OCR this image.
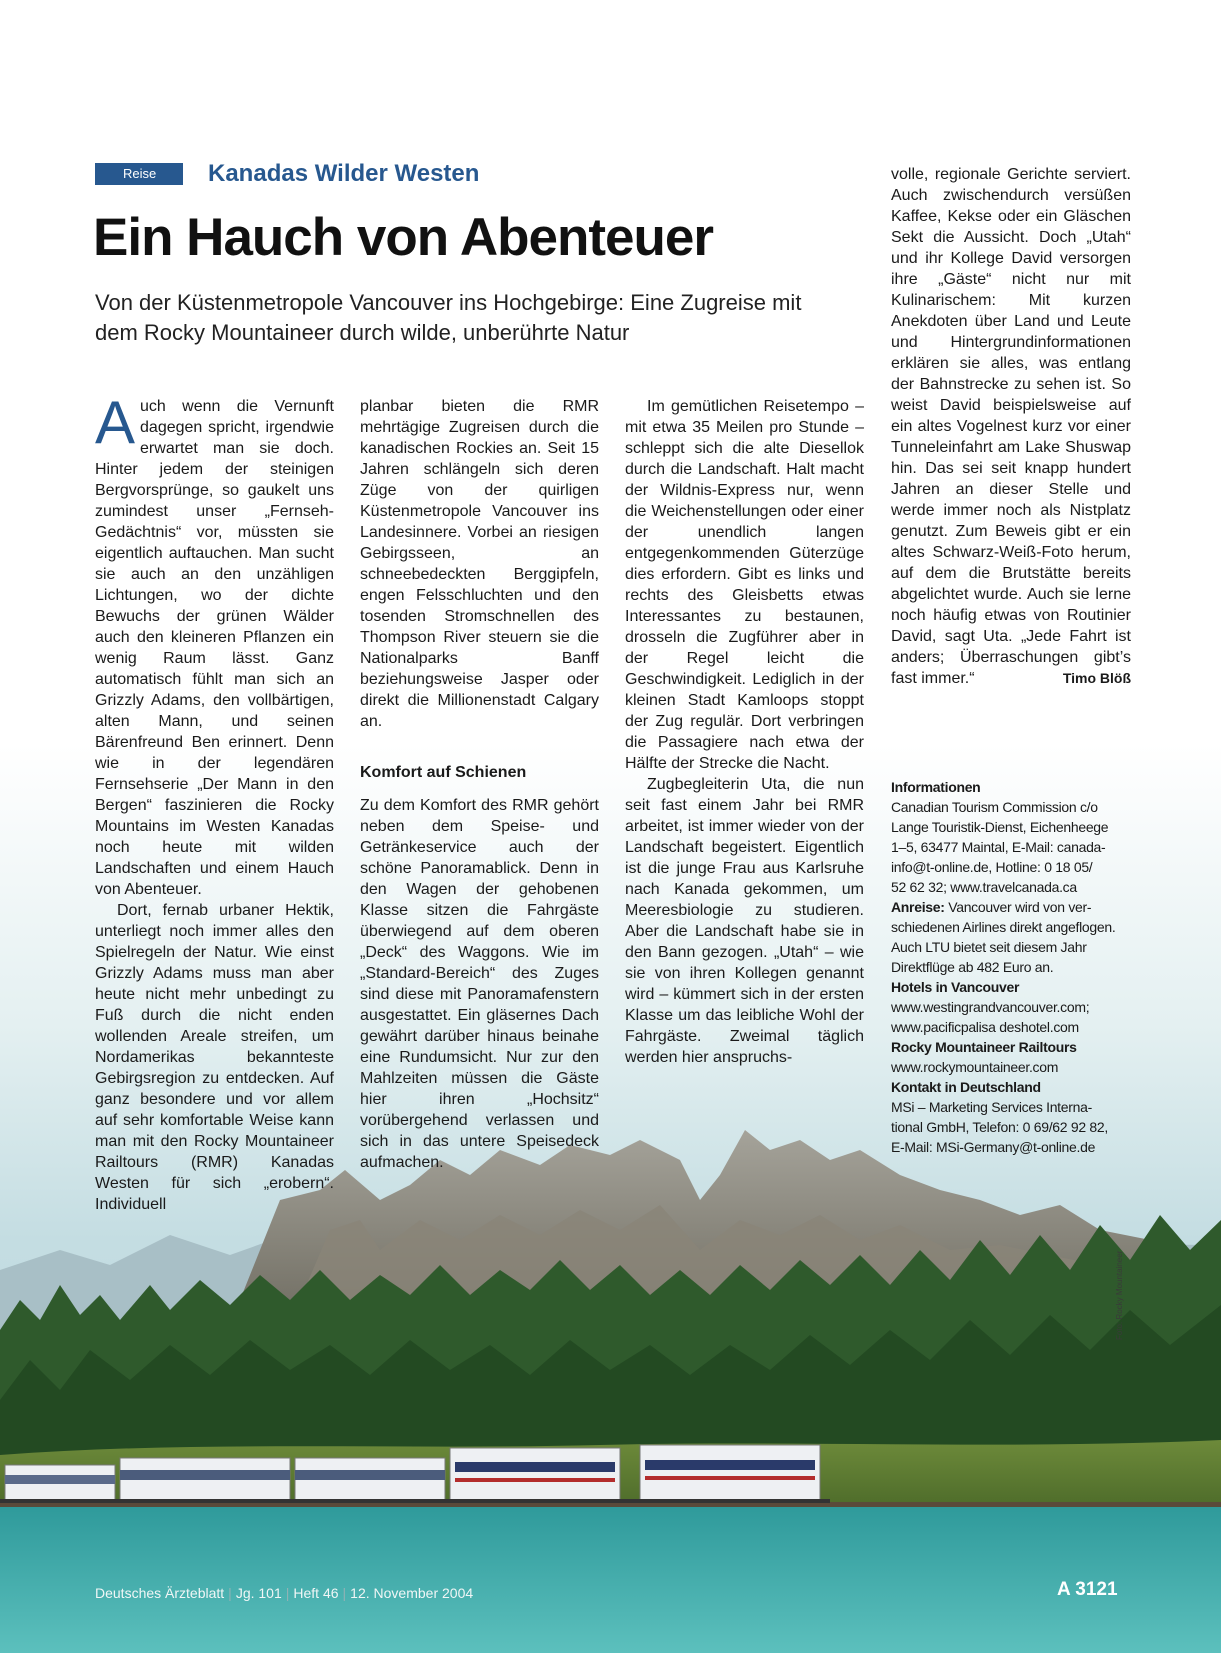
Reise	Kanadas Wilder Westen
Ein Hauch von Abenteuer

Von der Küstenmetropole Vancouver ins Hochgebirge: Eine Zugreise mit dem Rocky Mountaineer durch wilde, unberührte Natur

Auch wenn die Vernunft dagegen spricht, irgendwie erwartet man sie doch. Hinter jedem der steinigen Bergvorsprünge, so gaukelt uns zumindest unser „Fernseh-Gedächtnis“ vor, müssten sie eigentlich auftauchen. Man sucht sie auch an den unzähligen Lichtungen, wo der dichte Bewuchs der grünen Wälder auch den kleineren Pflanzen ein wenig Raum lässt. Ganz automatisch fühlt man sich an Grizzly Adams, den vollbärtigen, alten Mann, und seinen Bärenfreund Ben erinnert. Denn wie in der legendären Fernsehserie „Der Mann in den Bergen“ faszinieren die Rocky Mountains im Westen Kanadas noch heute mit wilden Landschaften und einem Hauch von Abenteuer.

Dort, fernab urbaner Hektik, unterliegt noch immer alles den Spielregeln der Natur. Wie einst Grizzly Adams muss man aber heute nicht mehr unbedingt zu Fuß durch die nicht enden wollenden Areale streifen, um Nordamerikas bekannteste Gebirgsregion zu entdecken. Auf ganz besondere und vor allem auf sehr komfortable Weise kann man mit den Rocky Mountaineer Railtours (RMR) Kanadas Westen für sich „erobern“. Individuell

planbar bieten die RMR mehrtägige Zugreisen durch die kanadischen Rockies an. Seit 15 Jahren schlängeln sich deren Züge von der quirligen Küstenmetropole Vancouver ins Landesinnere. Vorbei an riesigen Gebirgsseen, an schneebedeckten Berggipfeln, engen Felsschluchten und den tosenden Stromschnellen des Thompson River steuern sie die Nationalparks Banff beziehungsweise Jasper oder direkt die Millionenstadt Calgary an.

Komfort auf Schienen

Zu dem Komfort des RMR gehört neben dem Speise- und Getränkeservice auch der schöne Panoramablick. Denn in den Wagen der gehobenen Klasse sitzen die Fahrgäste überwiegend auf dem oberen „Deck“ des Waggons. Wie im „Standard-Bereich“ des Zuges sind diese mit Panoramafenstern ausgestattet. Ein gläsernes Dach gewährt darüber hinaus beinahe eine Rundumsicht. Nur zur den Mahlzeiten müssen die Gäste hier ihren „Hochsitz“ vorübergehend verlassen und sich in das untere Speisedeck aufmachen.

Im gemütlichen Reisetempo – mit etwa 35 Meilen pro Stunde – schleppt sich die alte Diesellok durch die Landschaft. Halt macht der Wildnis-Express nur, wenn die Weichenstellungen oder einer der unendlich langen entgegenkommenden Güterzüge dies erfordern. Gibt es links und rechts des Gleisbetts etwas Interessantes zu bestaunen, drosseln die Zugführer aber in der Regel leicht die Geschwindigkeit. Lediglich in der kleinen Stadt Kamloops stoppt der Zug regulär. Dort verbringen die Passagiere nach etwa der Hälfte der Strecke die Nacht.

Zugbegleiterin Uta, die nun seit fast einem Jahr bei RMR arbeitet, ist immer wieder von der Landschaft begeistert. Eigentlich ist die junge Frau aus Karlsruhe nach Kanada gekommen, um Meeresbiologie zu studieren. Aber die Landschaft habe sie in den Bann gezogen. „Utah“ – wie sie von ihren Kollegen genannt wird – kümmert sich in der ersten Klasse um das leibliche Wohl der Fahrgäste. Zweimal täglich werden hier anspruchs-

volle, regionale Gerichte serviert. Auch zwischendurch versüßen Kaffee, Kekse oder ein Gläschen Sekt die Aussicht. Doch „Utah“ und ihr Kollege David versorgen ihre „Gäste“ nicht nur mit Kulinarischem: Mit kurzen Anekdoten über Land und Leute und Hintergrundinformationen erklären sie alles, was entlang der Bahnstrecke zu sehen ist. So weist David beispielsweise auf ein altes Vogelnest kurz vor einer Tunneleinfahrt am Lake Shuswap hin. Das sei seit knapp hundert Jahren an dieser Stelle und werde immer noch als Nistplatz genutzt. Zum Beweis gibt er ein altes Schwarz-Weiß-Foto herum, auf dem die Brutstätte bereits abgelichtet wurde. Auch sie lerne noch häufig etwas von Routinier David, sagt Uta. „Jede Fahrt ist anders; Überraschungen gibt’s fast immer.“	Timo Blöß

Informationen
Canadian Tourism Commission c/o
Lange Touristik-Dienst, Eichenheege
1–5, 63477 Maintal, E-Mail: canada-
info@t-online.de, Hotline: 0 18 05/
52 62 32; www.travelcanada.ca
Anreise: Vancouver wird von ver-
schiedenen Airlines direkt angeflogen.
Auch LTU bietet seit diesem Jahr
Direktflüge ab 482 Euro an.
Hotels in Vancouver
www.westingrandvancouver.com;
www.pacificpalisa deshotel.com
Rocky Mountaineer Railtours
www.rockymountaineer.com
Kontakt in Deutschland
MSi – Marketing Services Interna-
tional GmbH, Telefon: 0 69/62 92 82,
E-Mail: MSi-Germany@t-online.de
Foto: Rocky Mountaineer
Deutsches Ärzteblatt | Jg. 101 | Heft 46 | 12. November 2004	A 3121
